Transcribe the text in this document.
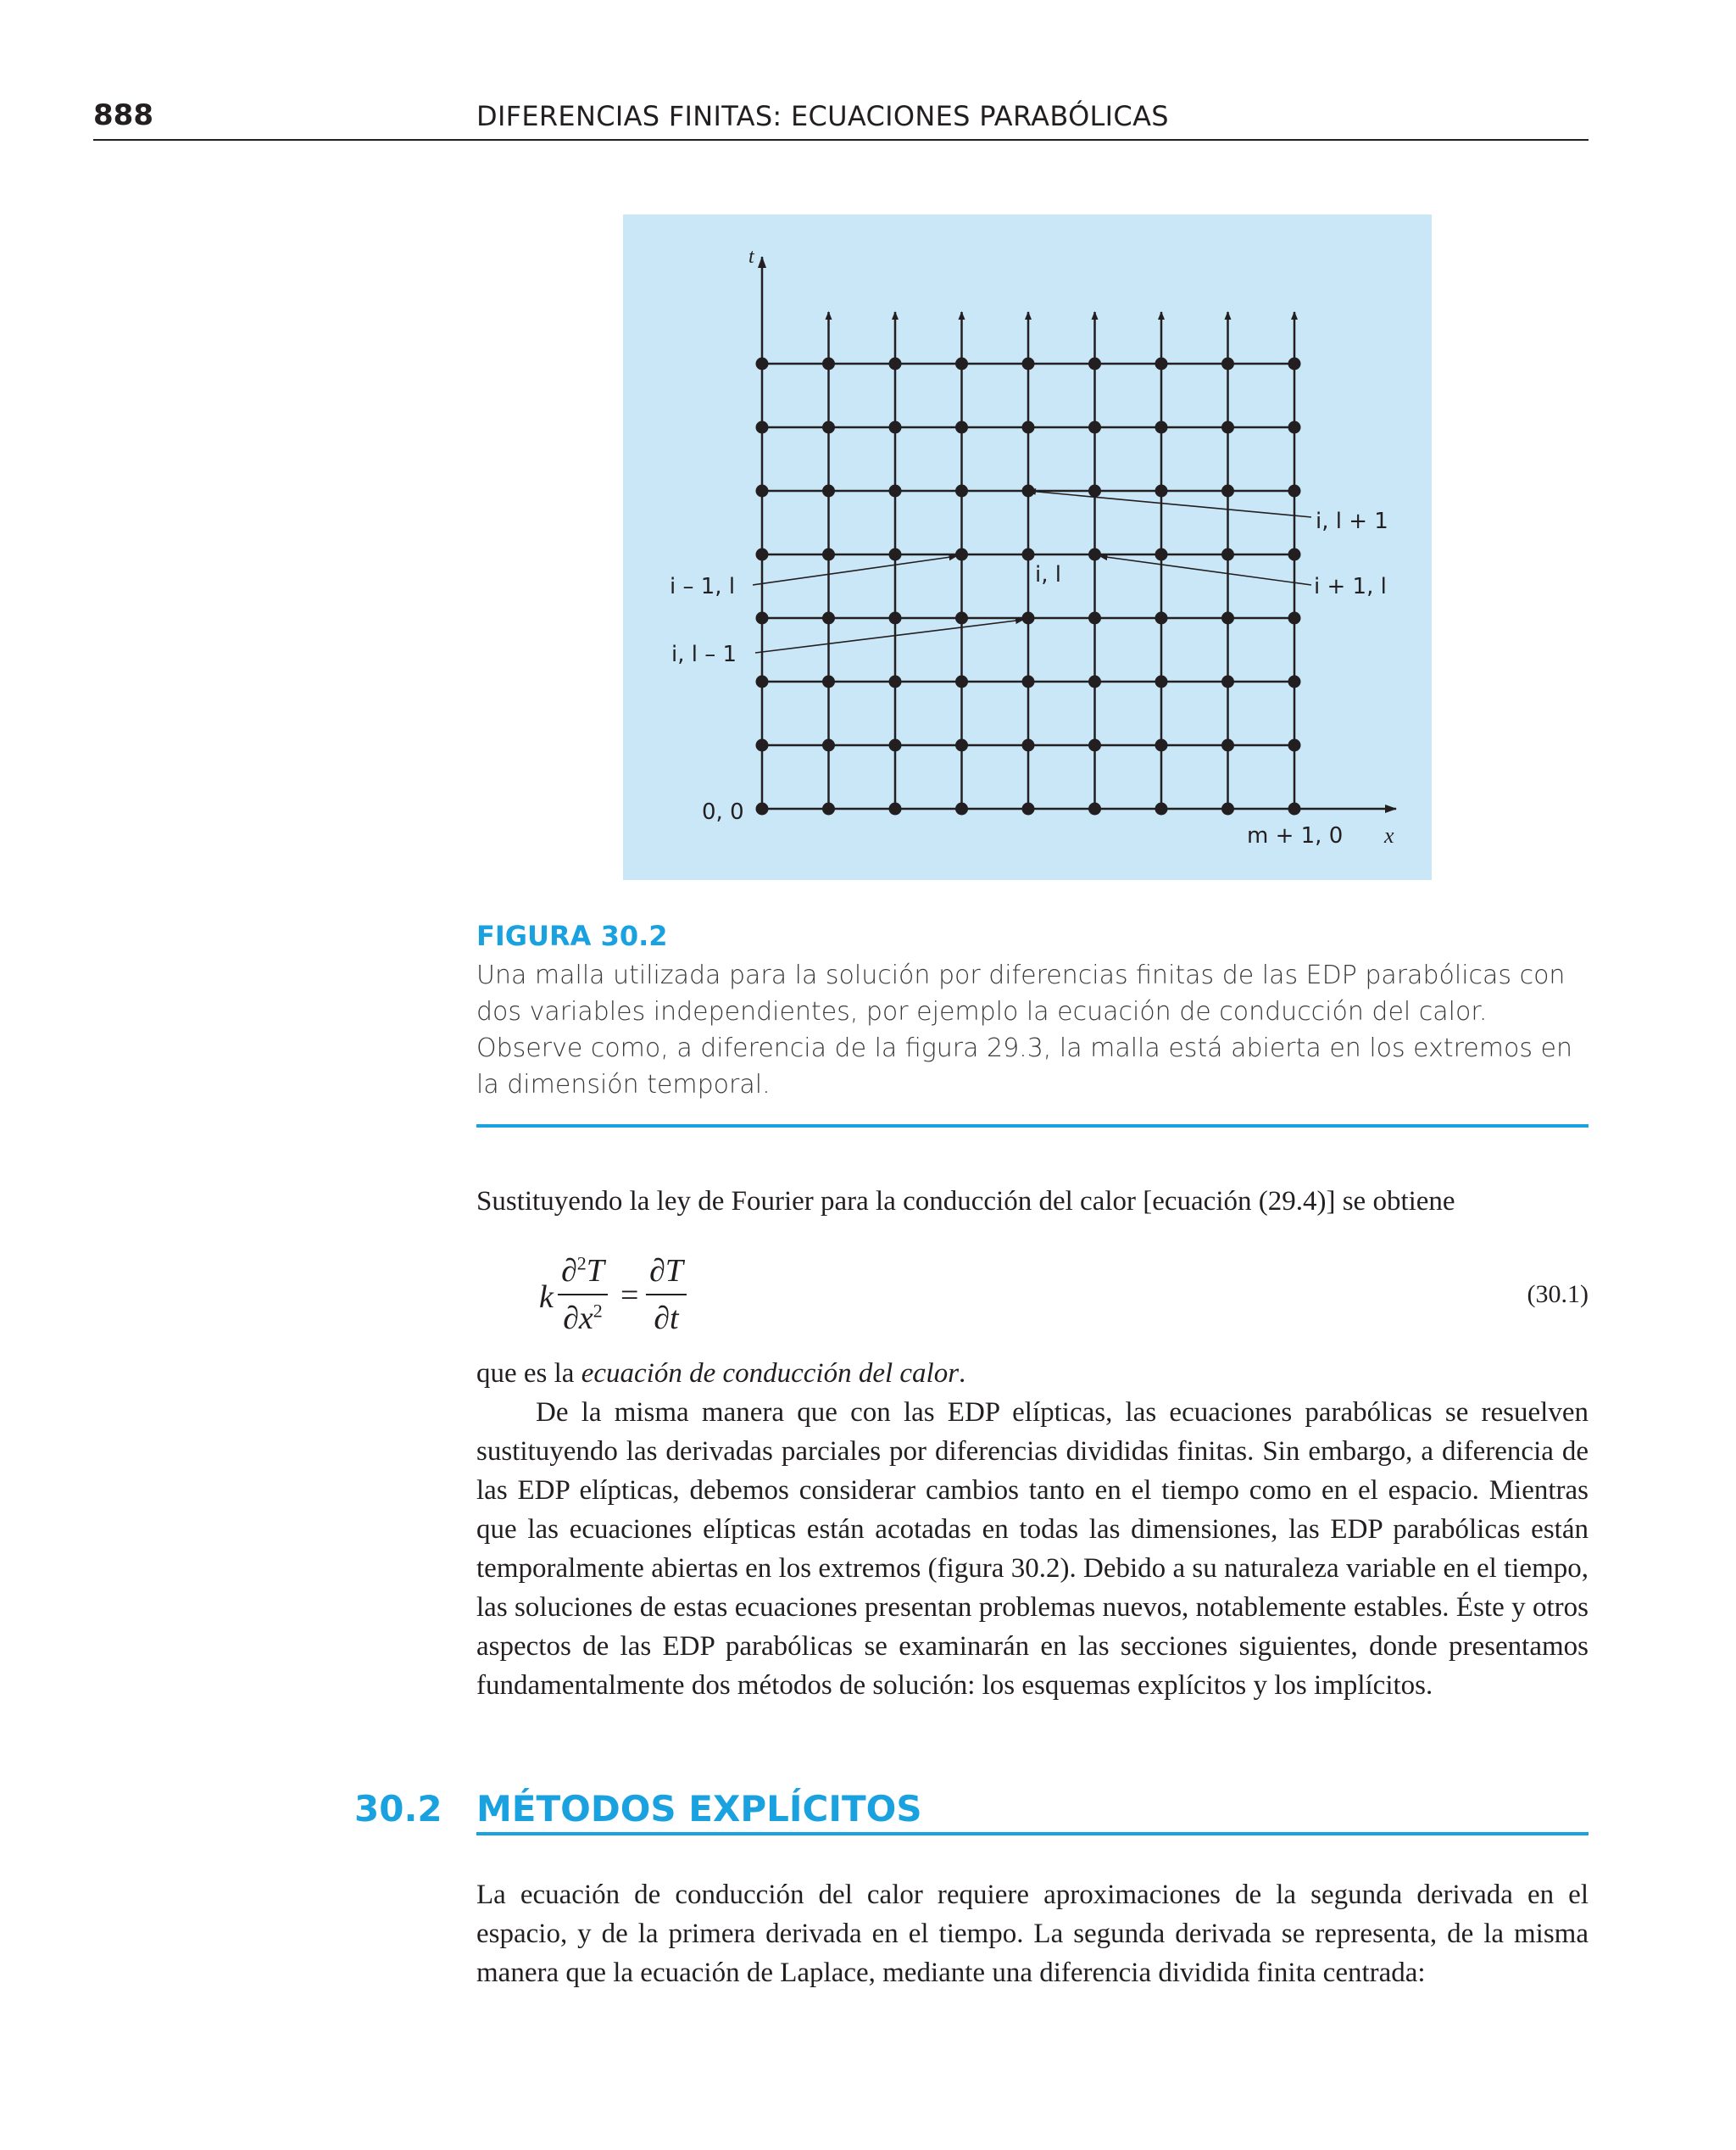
888	DIFERENCIAS FINITAS: ECUACIONES PARABÓLICAS
t
x
0, 0
m + 1, 0
i, l + 1
i – 1, l	i, l	i + 1, l
i, l – 1
FIGURA 30.2
Una malla utilizada para la solución por diferencias finitas de las EDP parabólicas con dos variables independientes, por ejemplo la ecuación de conducción del calor. Observe como, a diferencia de la figura 29.3, la malla está abierta en los extremos en la dimensión temporal.

Sustituyendo la ley de Fourier para la conducción del calor [ecuación (29.4)] se obtiene

k
∂$^2$T
$\partial x^2$ =
∂T
∂t
(30.1)

que es la ecuación de conducción del calor.

De la misma manera que con las EDP elípticas, las ecuaciones parabólicas se resuelven sustituyendo las derivadas parciales por diferencias divididas finitas. Sin embargo, a diferencia de las EDP elípticas, debemos considerar cambios tanto en el tiempo como en el espacio. Mientras que las ecuaciones elípticas están acotadas en todas las dimensiones, las EDP parabólicas están temporalmente abiertas en los extremos (figura 30.2). Debido a su naturaleza variable en el tiempo, las soluciones de estas ecuaciones presentan problemas nuevos, notablemente estables. Éste y otros aspectos de las EDP parabólicas se examinarán en las secciones siguientes, donde presentamos fundamentalmente dos métodos de solución: los esquemas explícitos y los implícitos.

30.2 MÉTODOS EXPLÍCITOS

La ecuación de conducción del calor requiere aproximaciones de la segunda derivada en el espacio, y de la primera derivada en el tiempo. La segunda derivada se representa, de la misma manera que la ecuación de Laplace, mediante una diferencia dividida finita centrada:
